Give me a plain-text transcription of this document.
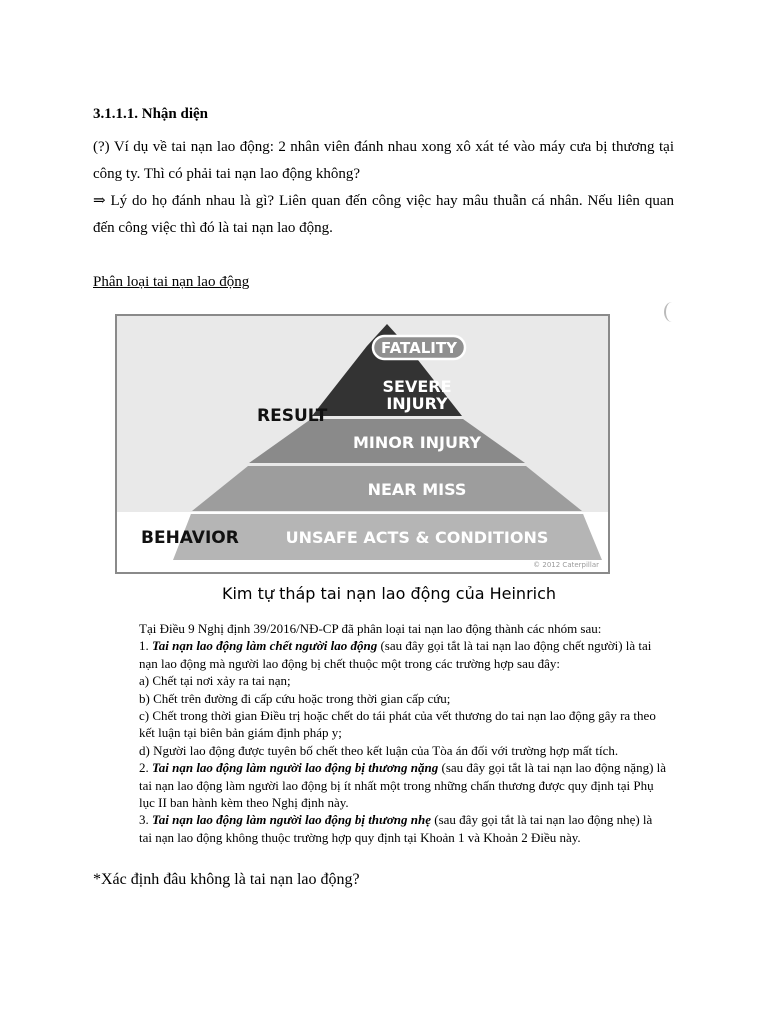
3.1.1.1. Nhận diện

(?) Ví dụ về tai nạn lao động: 2 nhân viên đánh nhau xong xô xát té vào máy cưa bị thương tại công ty. Thì có phải tai nạn lao động không?

⇒ Lý do họ đánh nhau là gì? Liên quan đến công việc hay mâu thuẫn cá nhân. Nếu liên quan đến công việc thì đó là tai nạn lao động.

Phân loại tai nạn lao động
FATALITY
SEVERE
INJURY
MINOR INJURY
NEAR MISS
UNSAFE ACTS & CONDITIONS
RESULT
BEHAVIOR
© 2012 Caterpillar
Kim tự tháp tai nạn lao động của Heinrich
Tại Điều 9 Nghị định 39/2016/NĐ-CP đã phân loại tai nạn lao động thành các nhóm sau:
1. Tai nạn lao động làm chết người lao động (sau đây gọi tắt là tai nạn lao động chết người) là tai nạn lao động mà người lao động bị chết thuộc một trong các trường hợp sau đây:
a) Chết tại nơi xảy ra tai nạn;
b) Chết trên đường đi cấp cứu hoặc trong thời gian cấp cứu;
c) Chết trong thời gian Điều trị hoặc chết do tái phát của vết thương do tai nạn lao động gây ra theo kết luận tại biên bản giám định pháp y;
d) Người lao động được tuyên bố chết theo kết luận của Tòa án đối với trường hợp mất tích.
2. Tai nạn lao động làm người lao động bị thương nặng (sau đây gọi tắt là tai nạn lao động nặng) là tai nạn lao động làm người lao động bị ít nhất một trong những chấn thương được quy định tại Phụ lục II ban hành kèm theo Nghị định này.
3. Tai nạn lao động làm người lao động bị thương nhẹ (sau đây gọi tắt là tai nạn lao động nhẹ) là tai nạn lao động không thuộc trường hợp quy định tại Khoản 1 và Khoản 2 Điều này.
*Xác định đâu không là tai nạn lao động?
